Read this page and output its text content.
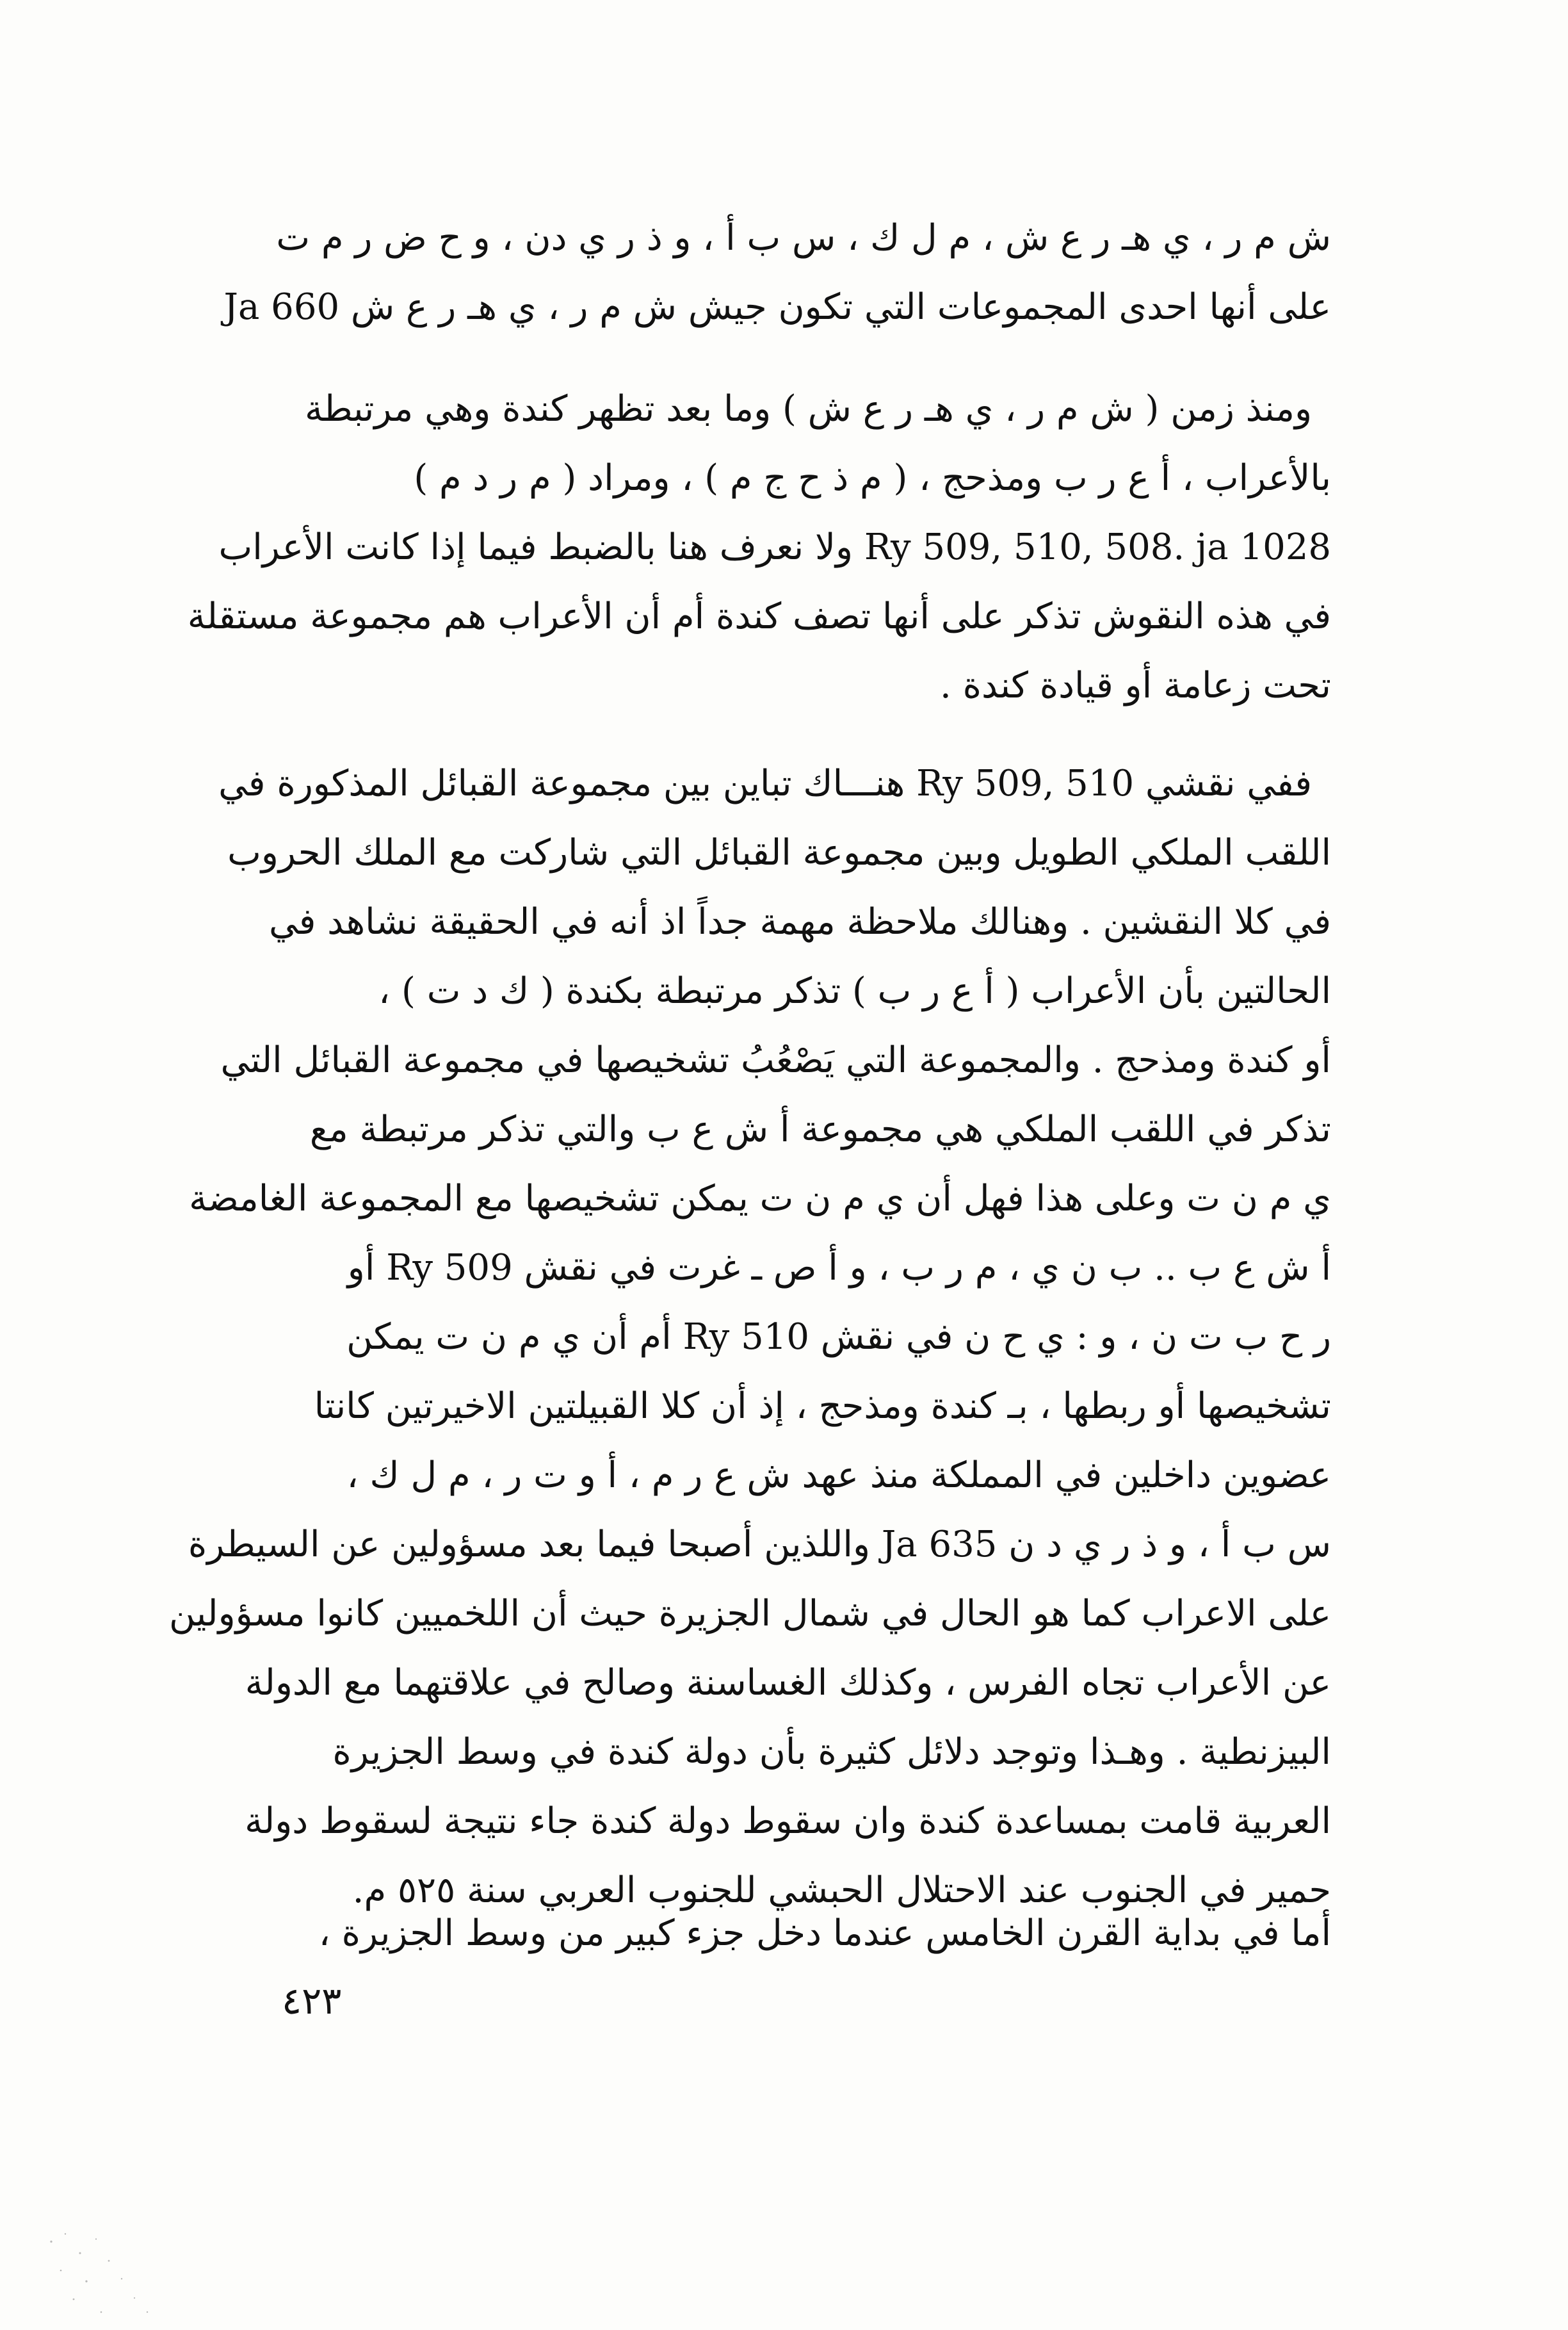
ش م ر ، ي هـ ر ع ش ، م ل ك ، س ب أ ، و ذ ر ي دن ، و ح ض ر م ت
على أنها احدى المجموعات التي تكون جيش ش م ر ، ي هـ ر ع ش Ja 660
ومنذ زمن ( ش م ر ، ي هـ ر ع ش ) وما بعد تظهر كندة وهي مرتبطة
بالأعراب ، أ ع ر ب ومذحج ، ( م ذ ح ج م ) ، ومراد ( م ر د م )
Ry 509, 510, 508. ja 1028 ولا نعرف هنا بالضبط فيما إذا كانت الأعراب
في هذه النقوش تذكر على أنها تصف كندة أم أن الأعراب هم مجموعة مستقلة
تحت زعامة أو قيادة كندة .
ففي نقشي Ry 509, 510 هنـــاك تباين بين مجموعة القبائل المذكورة في
اللقب الملكي الطويل وبين مجموعة القبائل التي شاركت مع الملك الحروب
في كلا النقشين . وهنالك ملاحظة مهمة جداً اذ أنه في الحقيقة نشاهد في
الحالتين بأن الأعراب ( أ ع ر ب ) تذكر مرتبطة بكندة ( ك د ت ) ،
أو كندة ومذحج . والمجموعة التي يَصْعُبُ تشخيصها في مجموعة القبائل التي
تذكر في اللقب الملكي هي مجموعة أ ش ع ب والتي تذكر مرتبطة مع
ي م ن ت وعلى هذا فهل أن ي م ن ت يمكن تشخيصها مع المجموعة الغامضة
أ ش ع ب .. ب ن ي ، م ر ب ، و أ ص ـ غرت في نقش Ry 509 أو
ر ح ب ت ن ، و : ي ح ن في نقش Ry 510 أم أن ي م ن ت يمكن
تشخيصها أو ربطها ، بـ كندة ومذحج ، إذ أن كلا القبيلتين الاخيرتين كانتا
عضوين داخلين في المملكة منذ عهد ش ع ر م ، أ و ت ر ، م ل ك ،
س ب أ ، و ذ ر ي د ن Ja 635 واللذين أصبحا فيما بعد مسؤولين عن السيطرة
على الاعراب كما هو الحال في شمال الجزيرة حيث أن اللخميين كانوا مسؤولين
عن الأعراب تجاه الفرس ، وكذلك الغساسنة وصالح في علاقتهما مع الدولة
البيزنطية . وهـذا وتوجد دلائل كثيرة بأن دولة كندة في وسط الجزيرة
العربية قامت بمساعدة كندة وان سقوط دولة كندة جاء نتيجة لسقوط دولة
حمير في الجنوب عند الاحتلال الحبشي للجنوب العربي سنة ٥٢٥ م.
أما في بداية القرن الخامس عندما دخل جزء كبير من وسط الجزيرة ،
٤٢٣
